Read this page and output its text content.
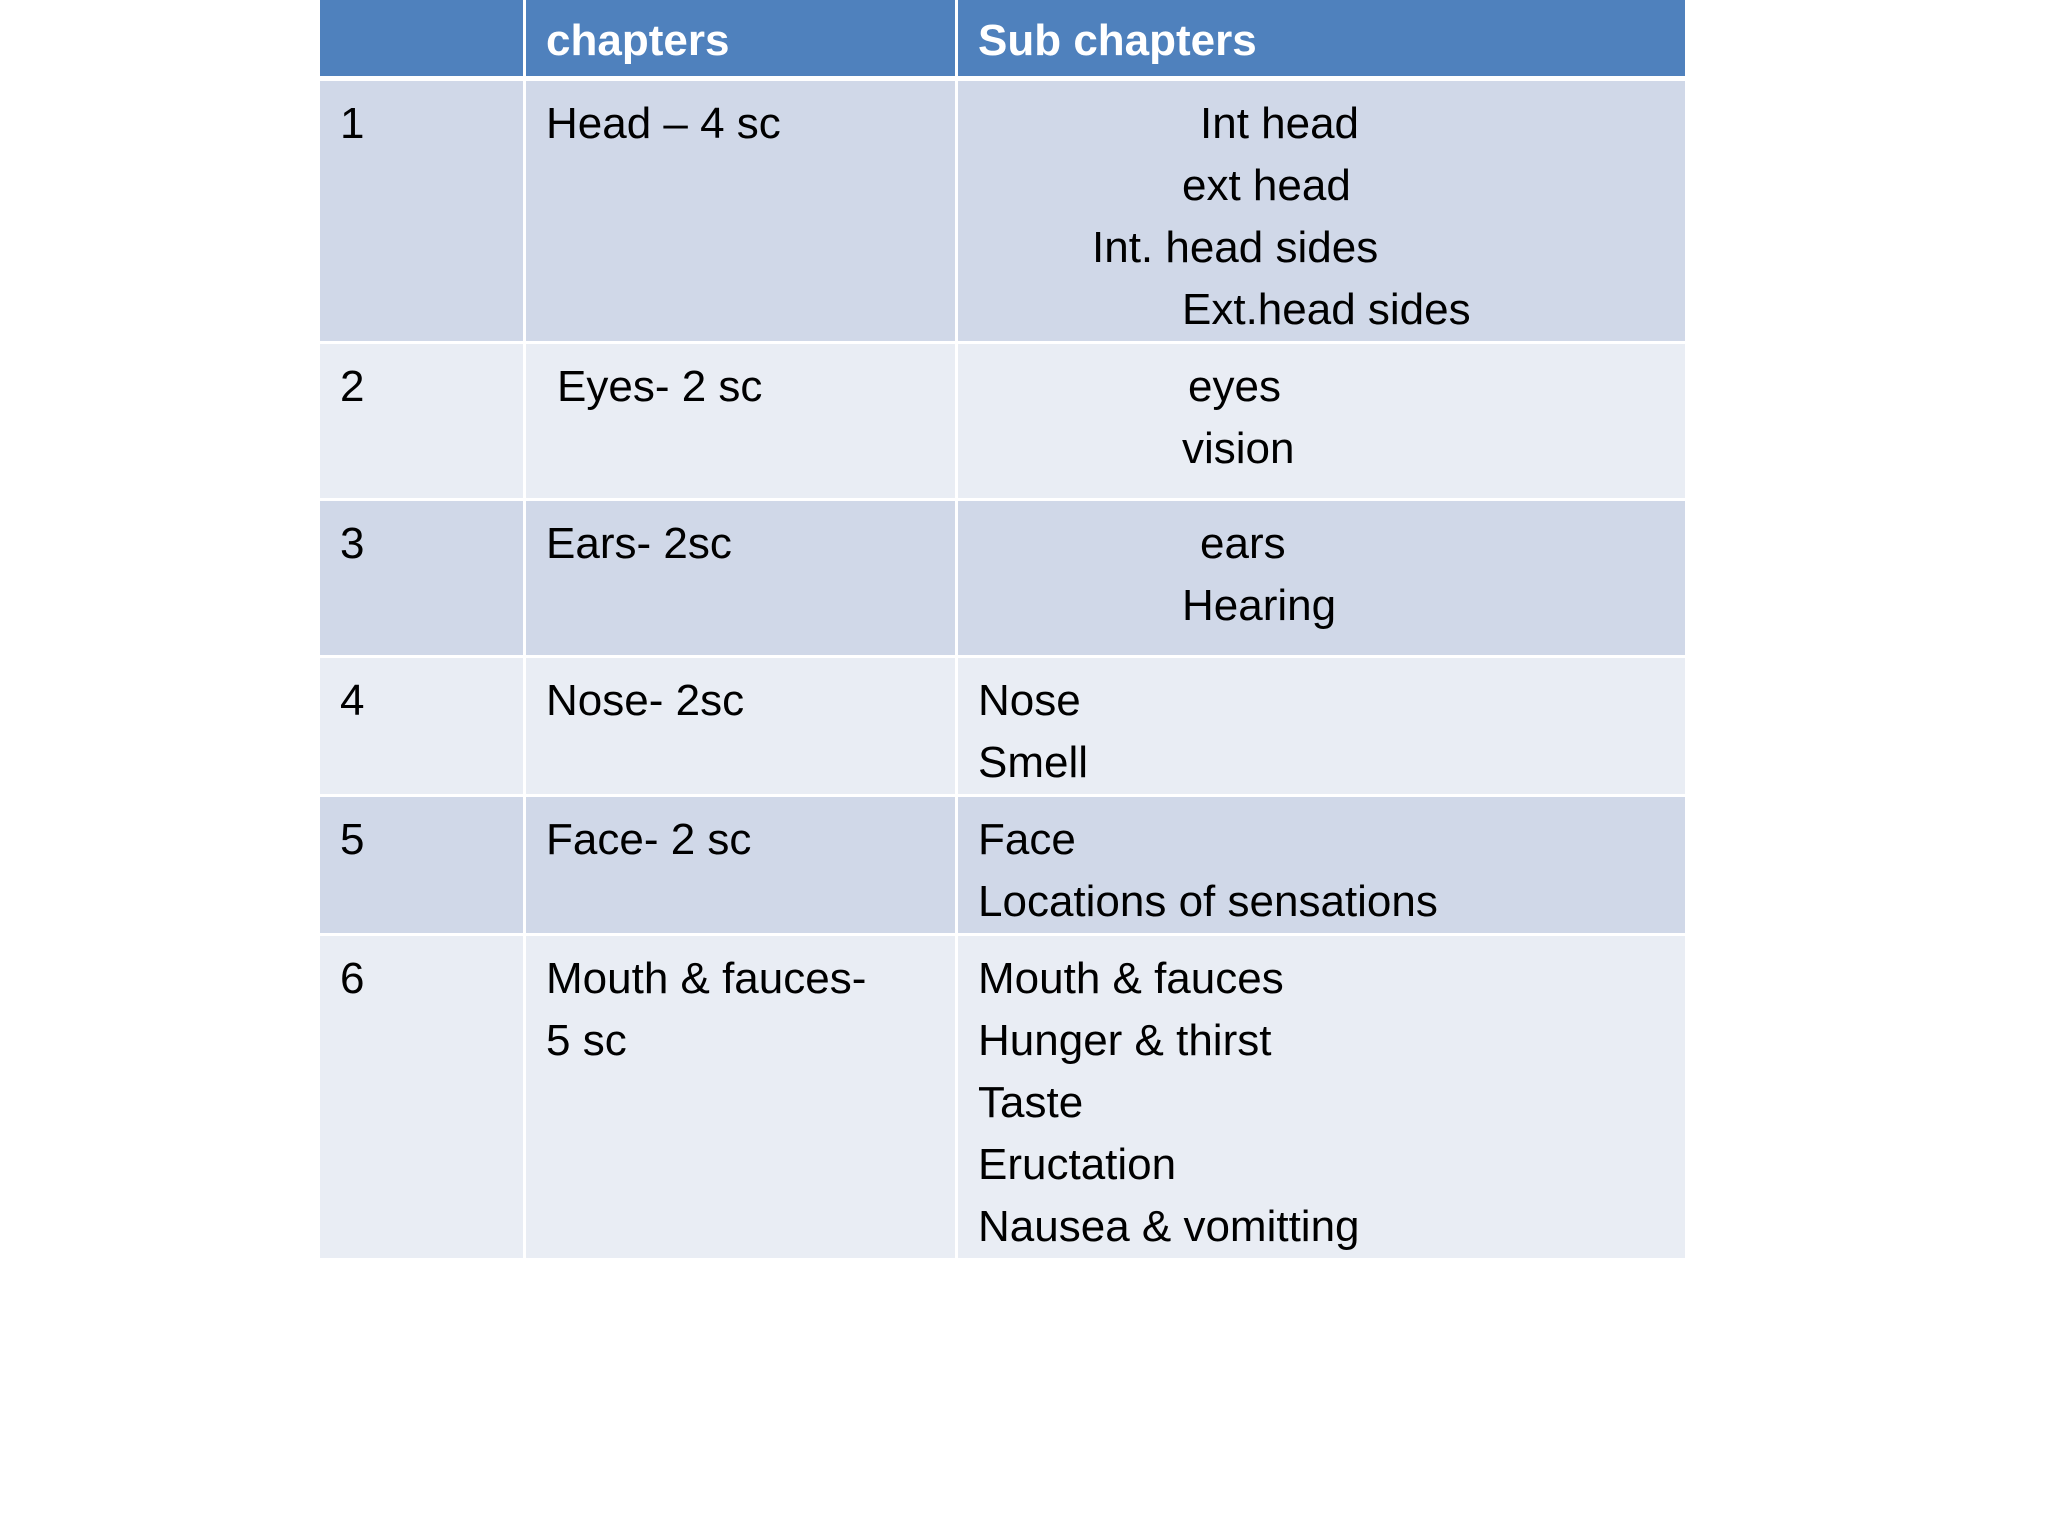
	chapters	Sub chapters
1	Head – 4 sc	Int head
ext head
Int. head sides
Ext.head sides

2	Eyes- 2 sc	eyes
vision

3	Ears- 2sc	ears
Hearing

4	Nose- 2sc	Nose
Smell

5	Face- 2 sc	Face
Locations of sensations

6	Mouth & fauces-
5 sc	Mouth & fauces
Hunger & thirst
Taste
Eructation
Nausea & vomitting
